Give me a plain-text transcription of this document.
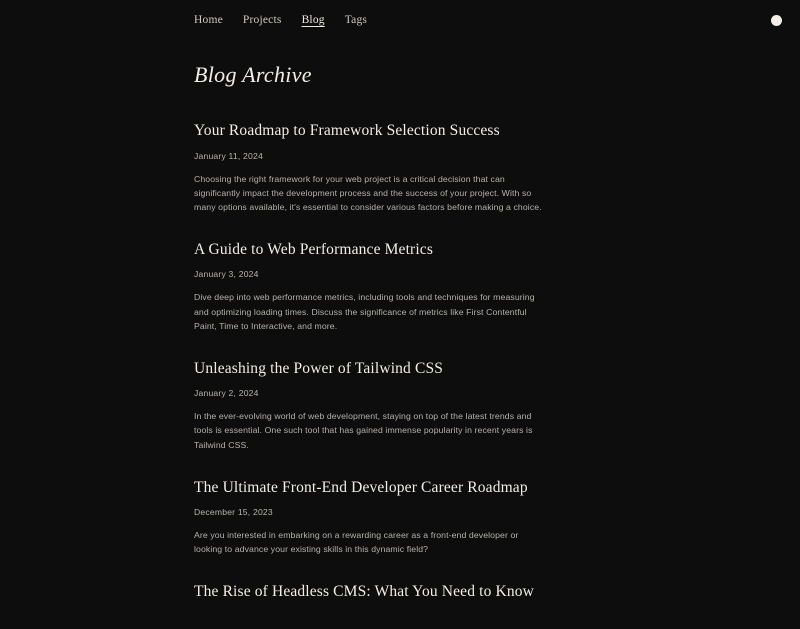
Home Projects Blog Tags
Blog Archive
Your Roadmap to Framework Selection Success
January 11, 2024

Choosing the right framework for your web project is a critical decision that can significantly impact the development process and the success of your project. With so many options available, it's essential to consider various factors before making a choice.

A Guide to Web Performance Metrics
January 3, 2024

Dive deep into web performance metrics, including tools and techniques for measuring and optimizing loading times. Discuss the significance of metrics like First Contentful Paint, Time to Interactive, and more.

Unleashing the Power of Tailwind CSS
January 2, 2024

In the ever-evolving world of web development, staying on top of the latest trends and tools is essential. One such tool that has gained immense popularity in recent years is Tailwind CSS.

The Ultimate Front-End Developer Career Roadmap
December 15, 2023

Are you interested in embarking on a rewarding career as a front-end developer or looking to advance your existing skills in this dynamic field?

The Rise of Headless CMS: What You Need to Know
